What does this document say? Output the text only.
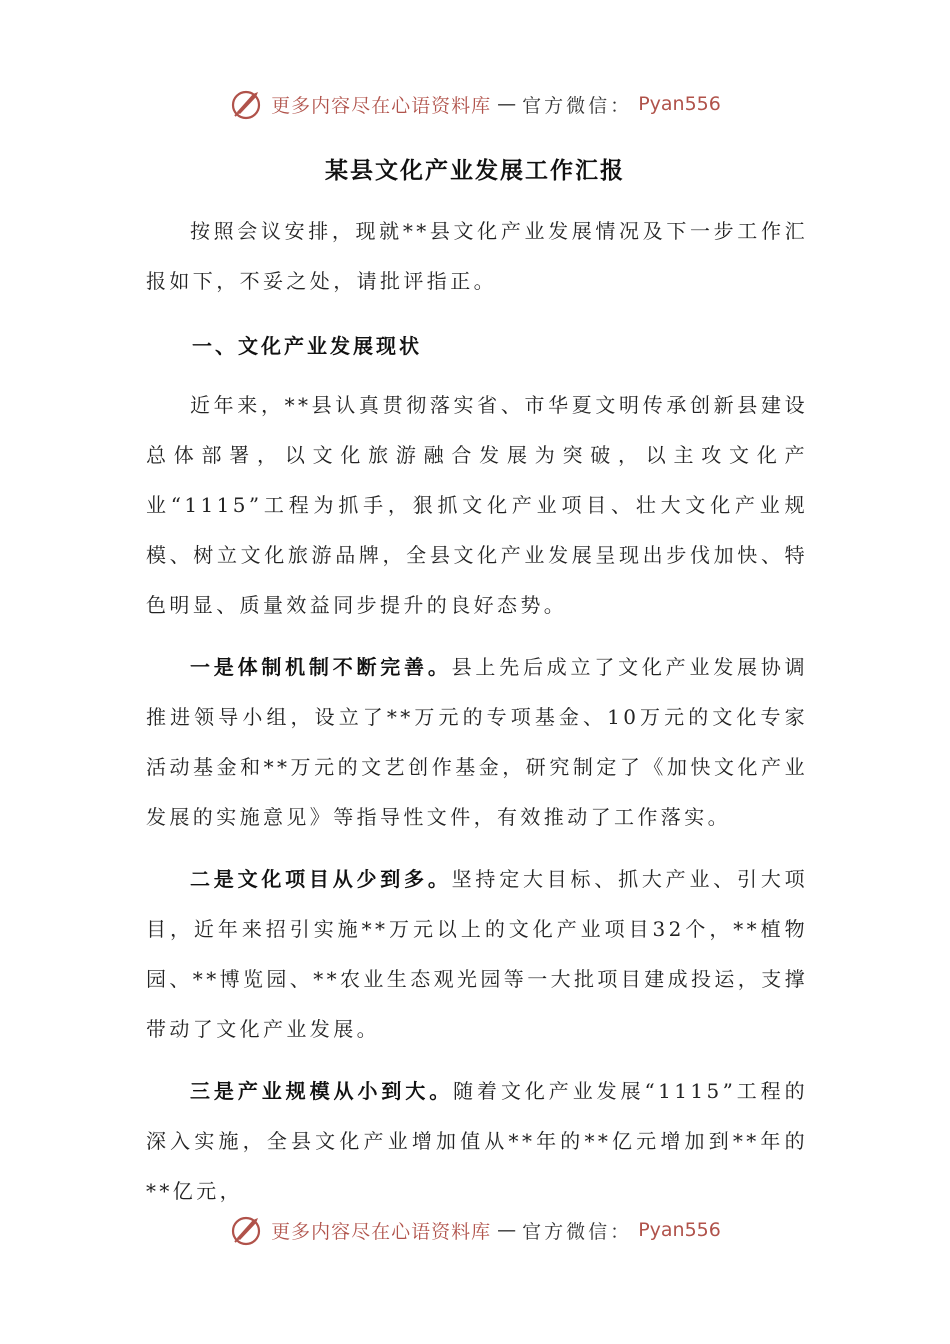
更多内容尽在心语资料库 — 官方微信： Pyan556
某县文化产业发展工作汇报

按照会议安排，现就**县文化产业发展情况及下一步工作汇报如下，不妥之处，请批评指正。

一、文化产业发展现状

近年来，**县认真贯彻落实省、市华夏文明传承创新县建设总体部署，以文化旅游融合发展为突破，以主攻文化产业“1115”工程为抓手，狠抓文化产业项目、壮大文化产业规模、树立文化旅游品牌，全县文化产业发展呈现出步伐加快、特色明显、质量效益同步提升的良好态势。

一是体制机制不断完善。县上先后成立了文化产业发展协调推进领导小组，设立了**万元的专项基金、10万元的文化专家活动基金和**万元的文艺创作基金，研究制定了《加快文化产业发展的实施意见》等指导性文件，有效推动了工作落实。

二是文化项目从少到多。坚持定大目标、抓大产业、引大项目，近年来招引实施**万元以上的文化产业项目32个，**植物园、**博览园、**农业生态观光园等一大批项目建成投运，支撑带动了文化产业发展。

三是产业规模从小到大。随着文化产业发展“1115”工程的深入实施，全县文化产业增加值从**年的**亿元增加到**年的**亿元，

更多内容尽在心语资料库 — 官方微信： Pyan556
